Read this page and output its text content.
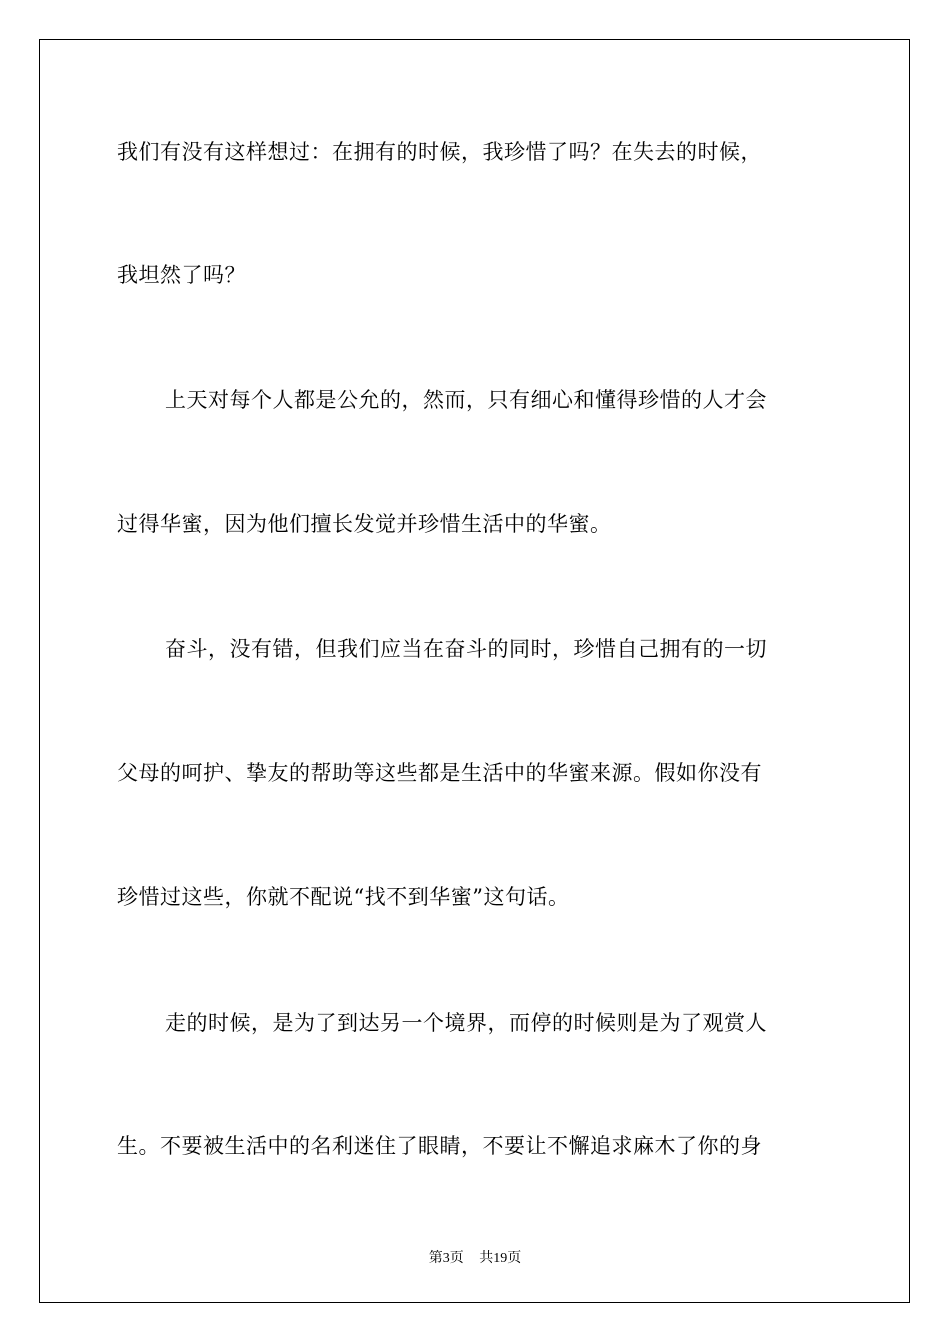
我们有没有这样想过：在拥有的时候，我珍惜了吗？在失去的时候，
我坦然了吗？
上天对每个人都是公允的，然而，只有细心和懂得珍惜的人才会
过得华蜜，因为他们擅长发觉并珍惜生活中的华蜜。
奋斗，没有错，但我们应当在奋斗的同时，珍惜自己拥有的一切
父母的呵护、挚友的帮助等这些都是生活中的华蜜来源。假如你没有
珍惜过这些，你就不配说“找不到华蜜”这句话。
走的时候，是为了到达另一个境界，而停的时候则是为了观赏人
生。不要被生活中的名利迷住了眼睛，不要让不懈追求麻木了你的身
第3页 共19页
